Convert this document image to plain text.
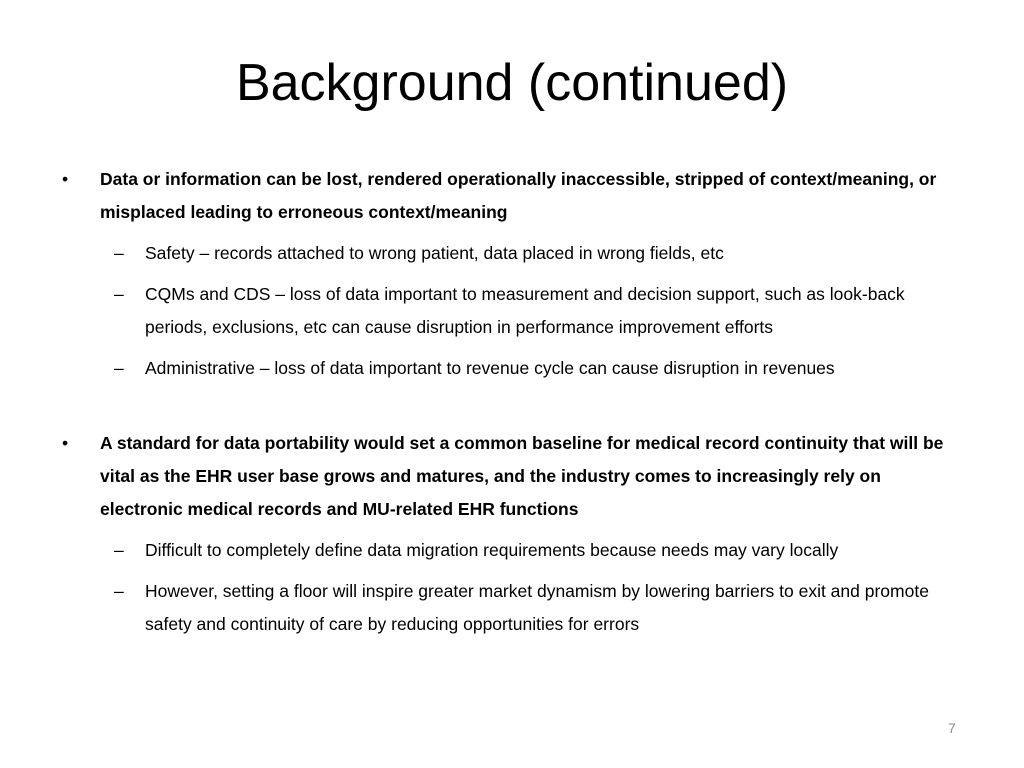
Background (continued)
•	Data or information can be lost, rendered operationally inaccessible, stripped of context/meaning, or misplaced leading to erroneous context/meaning
– Safety – records attached to wrong patient, data placed in wrong fields, etc
– CQMs and CDS – loss of data important to measurement and decision support, such as look-back periods, exclusions, etc can cause disruption in performance improvement efforts
– Administrative – loss of data important to revenue cycle can cause disruption in revenues
•	A standard for data portability would set a common baseline for medical record continuity that will be vital as the EHR user base grows and matures, and the industry comes to increasingly rely on electronic medical records and MU-related EHR functions
– Difficult to completely define data migration requirements because needs may vary locally
– However, setting a floor will inspire greater market dynamism by lowering barriers to exit and promote safety and continuity of care by reducing opportunities for errors
7
